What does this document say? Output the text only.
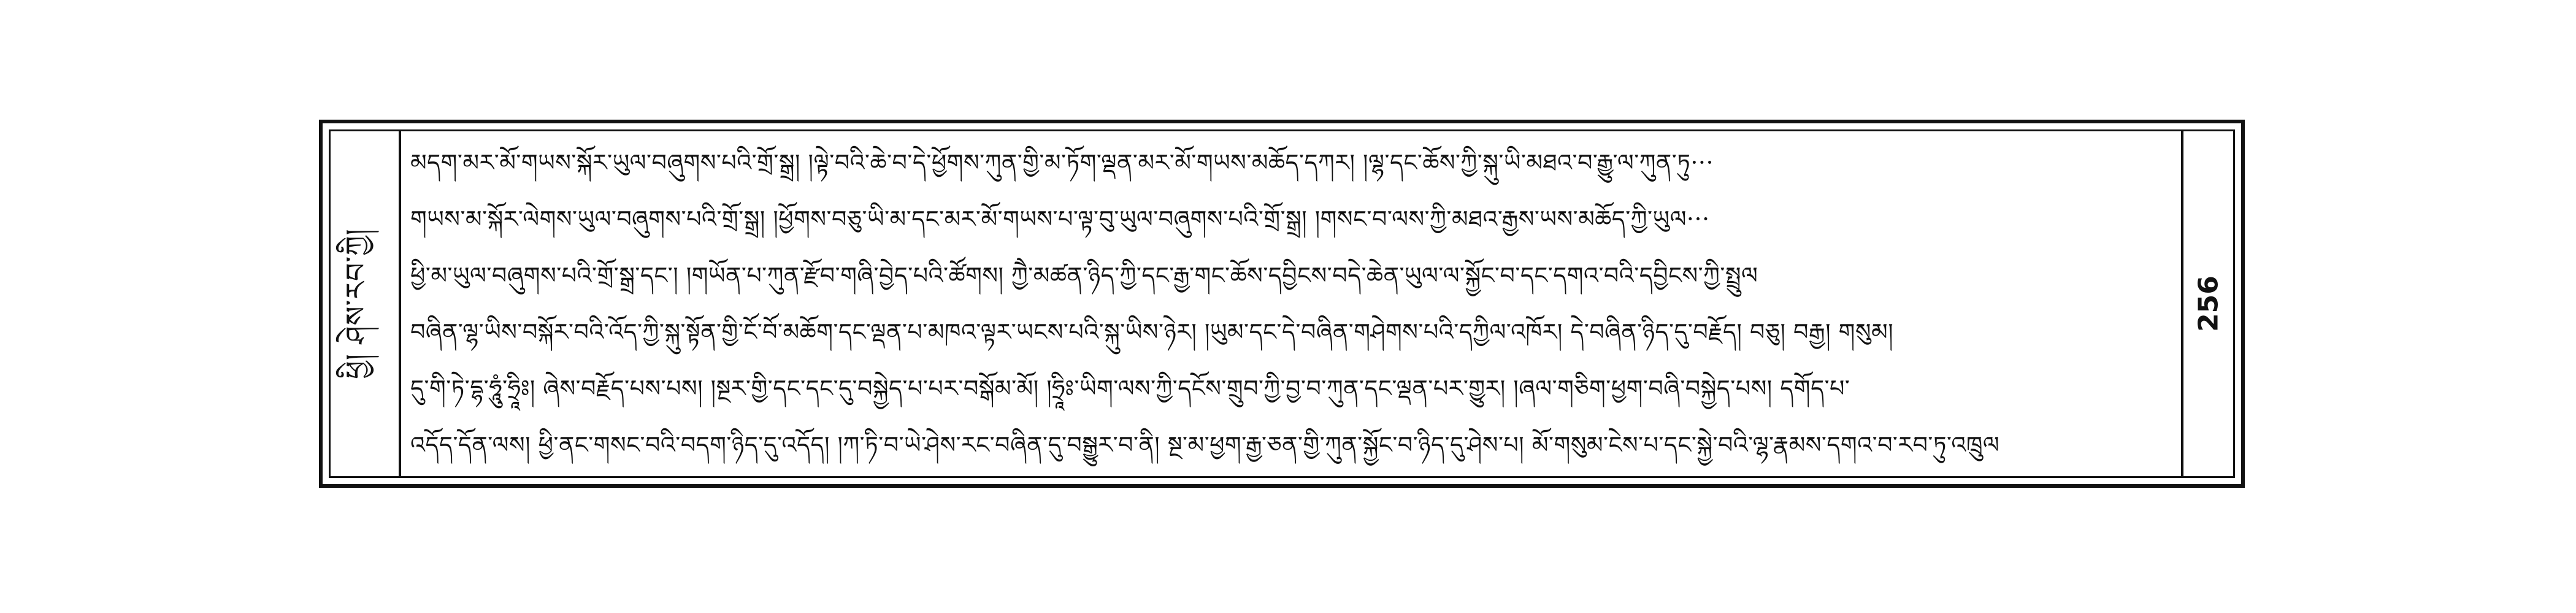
ཕྱི། ཤེས་རབ་ཀྱི།
མདག་མར་མོ་གཡས་སྐོར་ཡུལ་བཞུགས་པའི་གྲོ་སྒྲ། །ལྟེ་བའི་ཆེ་བ་དེ་ཕྱོགས་ཀུན་གྱི་མ་ཏོག་ལྡན་མར་མོ་གཡས་མཆོད་དཀར། །ལྷ་དང་ཆོས་ཀྱི་སྐུ་ཡི་མཐའ་བ་རྒྱུ་ལ་ཀུན་ཏུ···
གཡས་མ་སྐོར་ལེགས་ཡུལ་བཞུགས་པའི་གྲོ་སྒྲ། །ཕྱོགས་བཅུ་ཡི་མ་དང་མར་མོ་གཡས་པ་ལྟ་བུ་ཡུལ་བཞུགས་པའི་གྲོ་སྒྲ། །གསང་བ་ལས་ཀྱི་མཐའ་རྒྱས་ཡས་མཆོད་ཀྱི་ཡུལ···
ཕྱི་མ་ཡུལ་བཞུགས་པའི་གྲོ་སྒྲ་དང༌། །གཡོན་པ་ཀུན་རྫོབ་གཞི་བྱེད་པའི་ཚོགས། ཀྱཻ་མཚན་ཉིད་ཀྱི་དང་རྒྱ་གང་ཆོས་དབྱིངས་བདེ་ཆེན་ཡུལ་ལ་སྐྱོང་བ་དང་དགའ་བའི་དབྱིངས་ཀྱི་སྤྲུལ
བཞིན་ལྷ་ཡིས་བསྐོར་བའི་འོད་ཀྱི་སྐུ་སྟོན་གྱི་ངོ་བོ་མཆོག་དང་ལྡན་པ་མཁའ་ལྟར་ཡངས་པའི་སྐུ་ཡིས་ཉེར། །ཡུམ་དང་དེ་བཞིན་གཤེགས་པའི་དཀྱིལ་འཁོར། དེ་བཞིན་ཉིད་དུ་བརྗོད། བཅུ། བརྒྱ། གསུམ།
དུ་གི་ཏེ་དྷ་ཧཱུཾ་ཧྲཱིཿ། ཞེས་བརྗོད་པས་པས། །སྔར་གྱི་དང་དང་དུ་བསྐྱེད་པ་པར་བསྒོམ་མོ། །ཧྲཱིཿ་ཡིག་ལས་ཀྱི་དངོས་གྲུབ་ཀྱི་བྱ་བ་ཀུན་དང་ལྡན་པར་གྱུར། །ཞལ་གཅིག་ཕྱག་བཞི་བསྐྱེད་པས། དགོད་པ་
འདོད་དོན་ལས། ཕྱི་ནང་གསང་བའི་བདག་ཉིད་དུ་འདོད། །ཀ་ཏི་བ་ཡེ་ཤེས་རང་བཞིན་དུ་བསྒྱུར་བ་ནི། སྔ་མ་ཕྱག་རྒྱ་ཅན་གྱི་ཀུན་སྐྱོང་བ་ཉིད་དུ་ཤེས་པ། མོ་གསུམ་ངེས་པ་དང་སྐྱེ་བའི་ལྷ་རྣམས་དགའ་བ་རབ་ཏུ་འཁྲུལ
256
